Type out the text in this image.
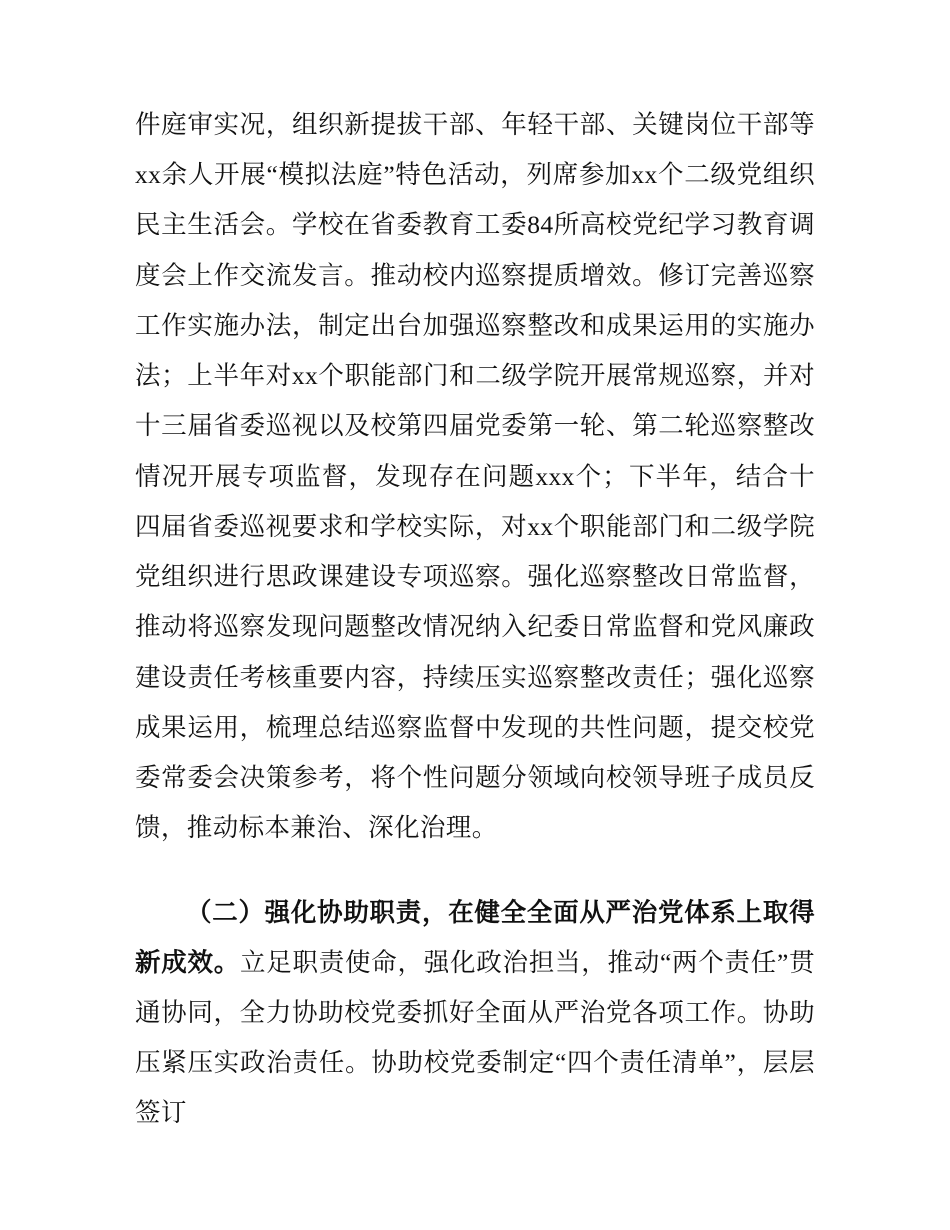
件庭审实况，组织新提拔干部、年轻干部、关键岗位干部等xx余人开展“模拟法庭”特色活动，列席参加xx个二级党组织民主生活会。学校在省委教育工委84所高校党纪学习教育调度会上作交流发言。推动校内巡察提质增效。修订完善巡察工作实施办法，制定出台加强巡察整改和成果运用的实施办法；上半年对xx个职能部门和二级学院开展常规巡察，并对十三届省委巡视以及校第四届党委第一轮、第二轮巡察整改情况开展专项监督，发现存在问题xxx个；下半年，结合十四届省委巡视要求和学校实际，对xx个职能部门和二级学院党组织进行思政课建设专项巡察。强化巡察整改日常监督，推动将巡察发现问题整改情况纳入纪委日常监督和党风廉政建设责任考核重要内容，持续压实巡察整改责任；强化巡察成果运用，梳理总结巡察监督中发现的共性问题，提交校党委常委会决策参考，将个性问题分领域向校领导班子成员反馈，推动标本兼治、深化治理。

（二）强化协助职责，在健全全面从严治党体系上取得新成效。立足职责使命，强化政治担当，推动“两个责任”贯通协同，全力协助校党委抓好全面从严治党各项工作。协助压紧压实政治责任。协助校党委制定“四个责任清单”，层层签订
